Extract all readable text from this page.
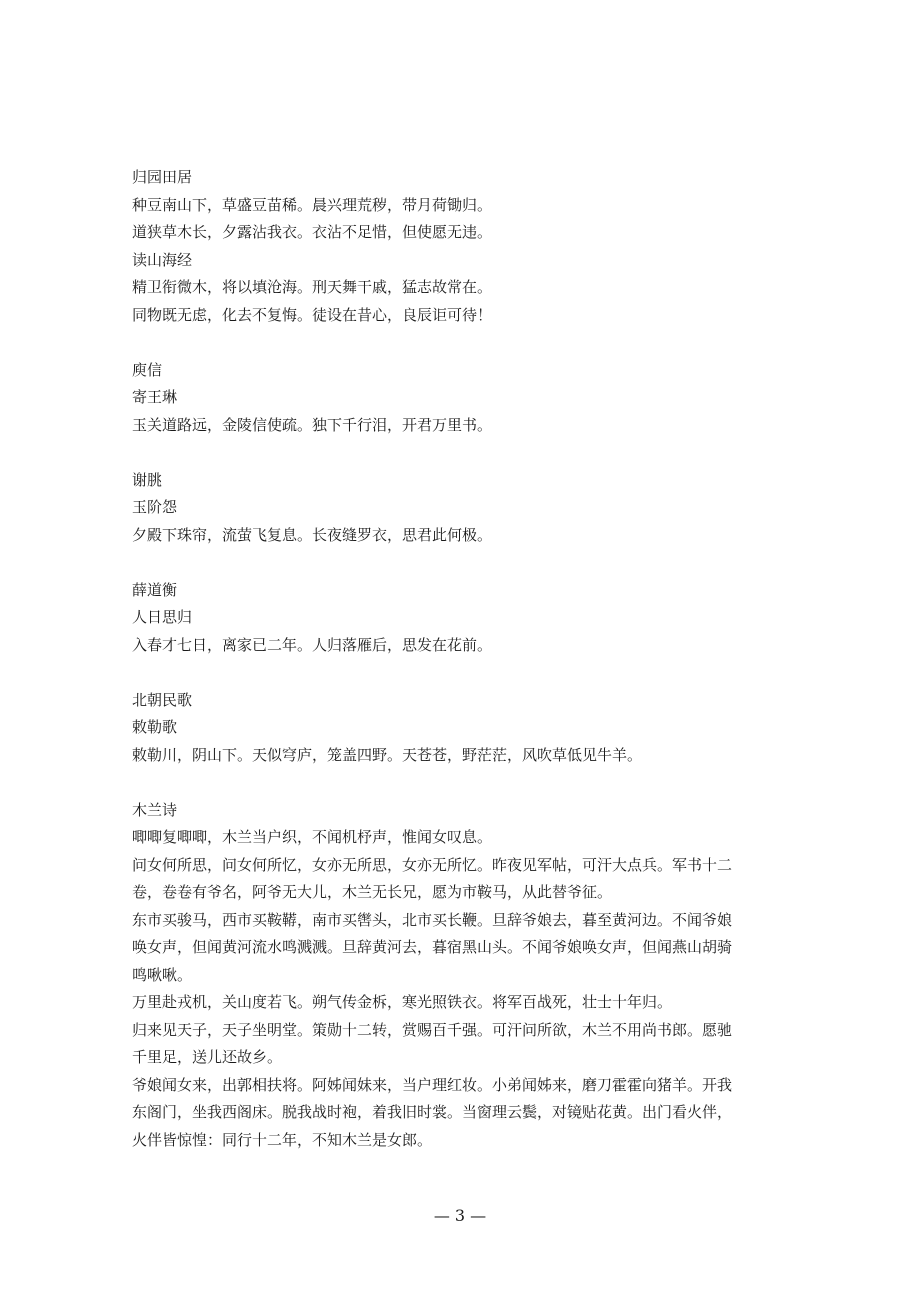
归园田居

种豆南山下，草盛豆苗稀。晨兴理荒秽，带月荷锄归。

道狭草木长，夕露沾我衣。衣沾不足惜，但使愿无违。

读山海经

精卫衔微木，将以填沧海。刑天舞干戚，猛志故常在。

同物既无虑，化去不复悔。徒设在昔心，良辰讵可待！

庾信

寄王琳

玉关道路远，金陵信使疏。独下千行泪，开君万里书。

谢朓

玉阶怨

夕殿下珠帘，流萤飞复息。长夜缝罗衣，思君此何极。

薛道衡

人日思归

入春才七日，离家已二年。人归落雁后，思发在花前。

北朝民歌

敕勒歌

敕勒川，阴山下。天似穹庐，笼盖四野。天苍苍，野茫茫，风吹草低见牛羊。

木兰诗

唧唧复唧唧，木兰当户织，不闻机杼声，惟闻女叹息。

问女何所思，问女何所忆，女亦无所思，女亦无所忆。昨夜见军帖，可汗大点兵。军书十二

卷，卷卷有爷名，阿爷无大儿，木兰无长兄，愿为市鞍马，从此替爷征。

东市买骏马，西市买鞍鞯，南市买辔头，北市买长鞭。旦辞爷娘去，暮至黄河边。不闻爷娘

唤女声，但闻黄河流水鸣溅溅。旦辞黄河去，暮宿黑山头。不闻爷娘唤女声，但闻燕山胡骑

鸣啾啾。

万里赴戎机，关山度若飞。朔气传金柝，寒光照铁衣。将军百战死，壮士十年归。

归来见天子，天子坐明堂。策勋十二转，赏赐百千强。可汗问所欲，木兰不用尚书郎。愿驰

千里足，送儿还故乡。

爷娘闻女来，出郭相扶将。阿姊闻妹来，当户理红妆。小弟闻姊来，磨刀霍霍向猪羊。开我

东阁门，坐我西阁床。脱我战时袍，着我旧时裳。当窗理云鬓，对镜贴花黄。出门看火伴，

火伴皆惊惶：同行十二年，不知木兰是女郎。

— 3 —
